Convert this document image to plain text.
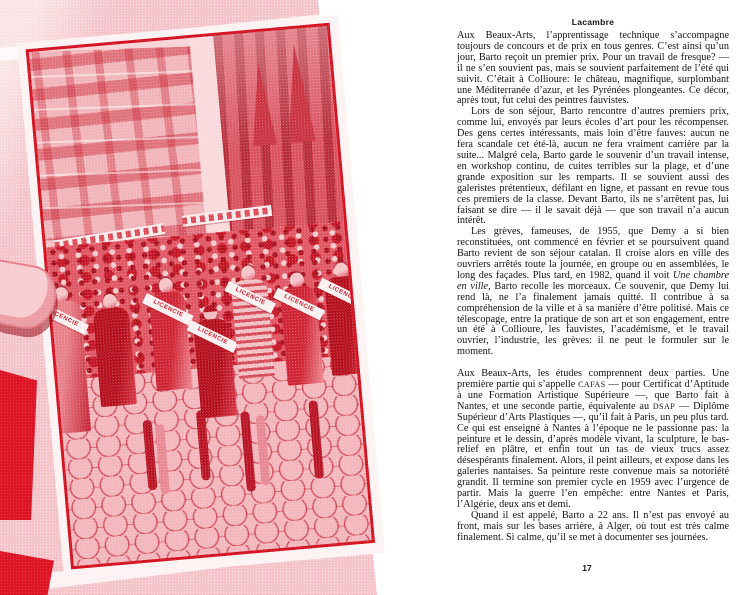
LICENCIE	LICENCIE
LICENCIE
LICENCIE	LICENCIE	LICENCIE
Lacambre

Aux Beaux-Arts, l’apprentissage technique s’accompagne toujours de concours et de prix en tous genres. C’est ainsi qu’un jour, Barto reçoit un premier prix. Pour un travail de fresque? — il ne s’en souvient pas, mais se souvient parfaitement de l’été qui suivit. C’était à Collioure: le château, magnifique, surplombant une Méditerranée d’azur, et les Pyrénées plongeantes. Ce décor, après tout, fut celui des peintres fauvistes.

Lors de son séjour, Barto rencontre d’autres premiers prix, comme lui, envoyés par leurs écoles d’art pour les récompenser. Des gens certes intéressants, mais loin d’être fauves: aucun ne fera scandale cet été-là, aucun ne fera vraiment carrière par la suite... Malgré cela, Barto garde le souvenir d’un travail intense, en workshop continu, de cuites terribles sur la plage, et d’une grande exposition sur les remparts. Il se souvient aussi des galeristes prétentieux, défilant en ligne, et passant en revue tous ces premiers de la classe. Devant Barto, ils ne s’arrêtent pas, lui faisant se dire — il le savait déjà — que son travail n’a aucun intérêt.

Les grèves, fameuses, de 1955, que Demy a si bien reconstituées, ont commencé en février et se poursuivent quand Barto revient de son séjour catalan. Il croise alors en ville des ouvriers arrêtés toute la journée, en groupe ou en assemblées, le long des façades. Plus tard, en 1982, quand il voit Une chambre en ville, Barto recolle les morceaux. Ce souvenir, que Demy lui rend là, ne l’a finalement jamais quitté. Il contribue à sa compréhension de la ville et à sa manière d’être politisé. Mais ce télescopage, entre la pratique de son art et son engagement, entre un été à Collioure, les fauvistes, l’académisme, et le travail ouvrier, l’industrie, les grèves: il ne peut le formuler sur le moment.

Aux Beaux-Arts, les études comprennent deux parties. Une première partie qui s’appelle CAFAS — pour Certificat d’Aptitude à une Formation Artistique Supérieure —, que Barto fait à Nantes, et une seconde partie, équivalente au DSAP — Diplôme Supérieur d’Arts Plastiques —, qu’il fait à Paris, un peu plus tard. Ce qui est enseigné à Nantes à l’époque ne le passionne pas: la peinture et le dessin, d’après modèle vivant, la sculpture, le bas-relief en plâtre, et enfin tout un tas de vieux trucs assez désespérants finalement. Alors, il peint ailleurs, et expose dans les galeries nantaises. Sa peinture reste convenue mais sa notoriété grandit. Il termine son premier cycle en 1959 avec l’urgence de partir. Mais la guerre l’en empêche: entre Nantes et Paris, l’Algérie, deux ans et demi.

Quand il est appelé, Barto a 22 ans. Il n’est pas envoyé au front, mais sur les bases arrière, à Alger, où tout est très calme finalement. Si calme, qu’il se met à documenter ses journées.

17
